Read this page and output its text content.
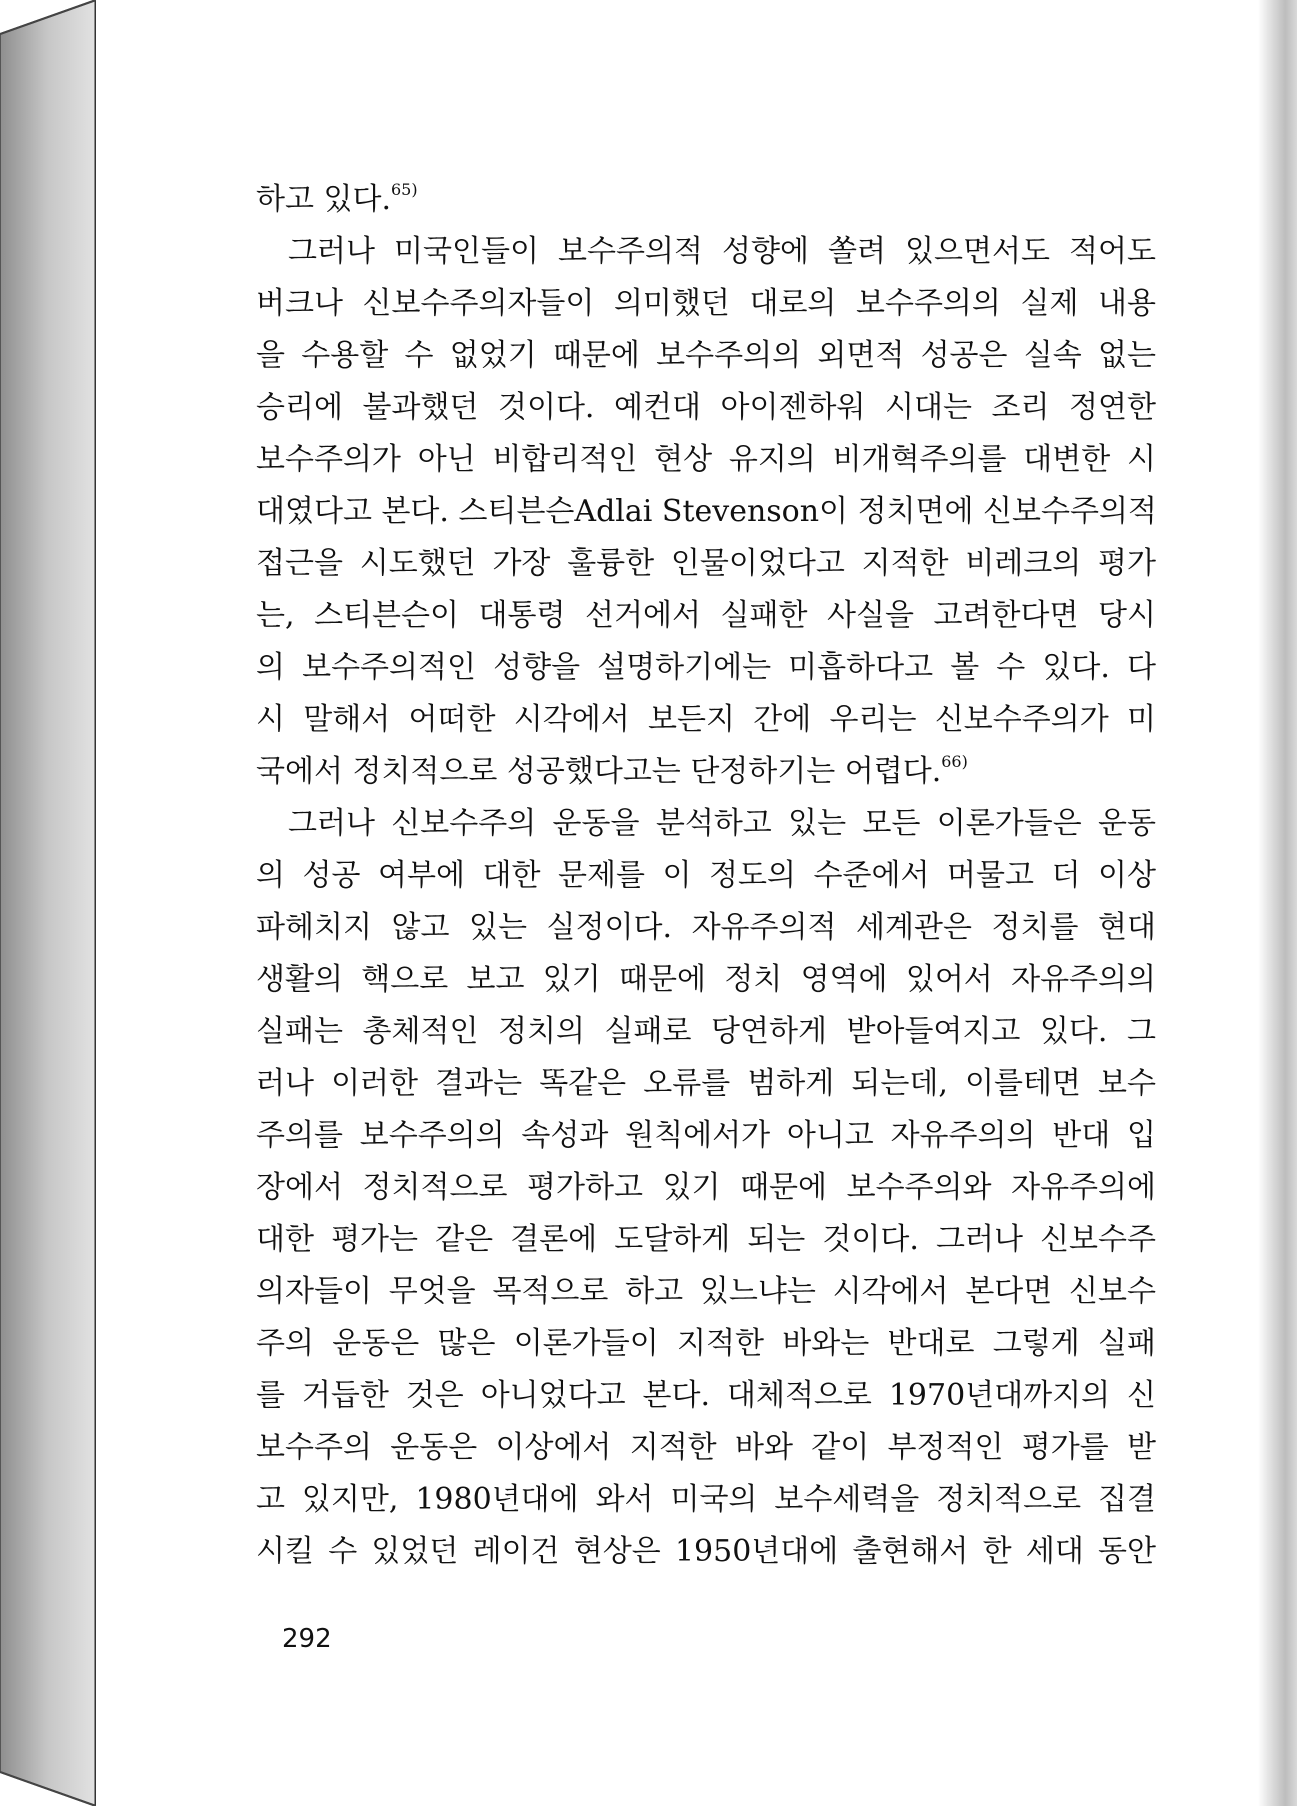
하고 있다.$^{65)}$
그러나 미국인들이 보수주의적 성향에 쏠려 있으면서도 적어도
버크나 신보수주의자들이 의미했던 대로의 보수주의의 실제 내용
을 수용할 수 없었기 때문에 보수주의의 외면적 성공은 실속 없는
승리에 불과했던 것이다. 예컨대 아이젠하워 시대는 조리 정연한
보수주의가 아닌 비합리적인 현상 유지의 비개혁주의를 대변한 시
대였다고 본다. 스티븐슨Adlai Stevenson이 정치면에 신보수주의적
접근을 시도했던 가장 훌륭한 인물이었다고 지적한 비레크의 평가
는, 스티븐슨이 대통령 선거에서 실패한 사실을 고려한다면 당시
의 보수주의적인 성향을 설명하기에는 미흡하다고 볼 수 있다. 다
시 말해서 어떠한 시각에서 보든지 간에 우리는 신보수주의가 미
국에서 정치적으로 성공했다고는 단정하기는 어렵다.$^{66)}$
그러나 신보수주의 운동을 분석하고 있는 모든 이론가들은 운동
의 성공 여부에 대한 문제를 이 정도의 수준에서 머물고 더 이상
파헤치지 않고 있는 실정이다. 자유주의적 세계관은 정치를 현대
생활의 핵으로 보고 있기 때문에 정치 영역에 있어서 자유주의의
실패는 총체적인 정치의 실패로 당연하게 받아들여지고 있다. 그
러나 이러한 결과는 똑같은 오류를 범하게 되는데, 이를테면 보수
주의를 보수주의의 속성과 원칙에서가 아니고 자유주의의 반대 입
장에서 정치적으로 평가하고 있기 때문에 보수주의와 자유주의에
대한 평가는 같은 결론에 도달하게 되는 것이다. 그러나 신보수주
의자들이 무엇을 목적으로 하고 있느냐는 시각에서 본다면 신보수
주의 운동은 많은 이론가들이 지적한 바와는 반대로 그렇게 실패
를 거듭한 것은 아니었다고 본다. 대체적으로 1970년대까지의 신
보수주의 운동은 이상에서 지적한 바와 같이 부정적인 평가를 받
고 있지만, 1980년대에 와서 미국의 보수세력을 정치적으로 집결
시킬 수 있었던 레이건 현상은 1950년대에 출현해서 한 세대 동안
292
